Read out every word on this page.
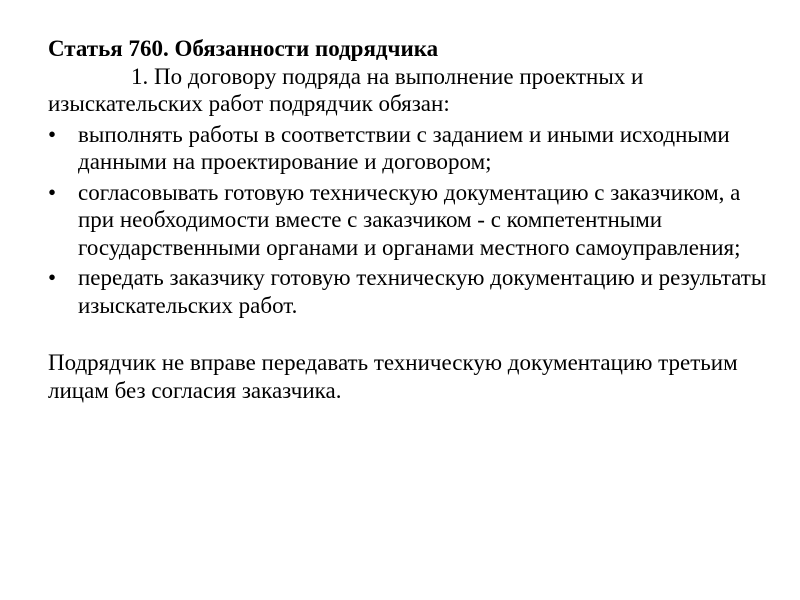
Статья 760. Обязанности подрядчика

1. По договору подряда на выполнение проектных и изыскательских работ подрядчик обязан:

• выполнять работы в соответствии с заданием и иными исходными данными на проектирование и договором;
• согласовывать готовую техническую документацию с заказчиком, а при необходимости вместе с заказчиком - с компетентными государственными органами и органами местного самоуправления;
• передать заказчику готовую техническую документацию и результаты изыскательских работ.

Подрядчик не вправе передавать техническую документацию третьим лицам без согласия заказчика.
